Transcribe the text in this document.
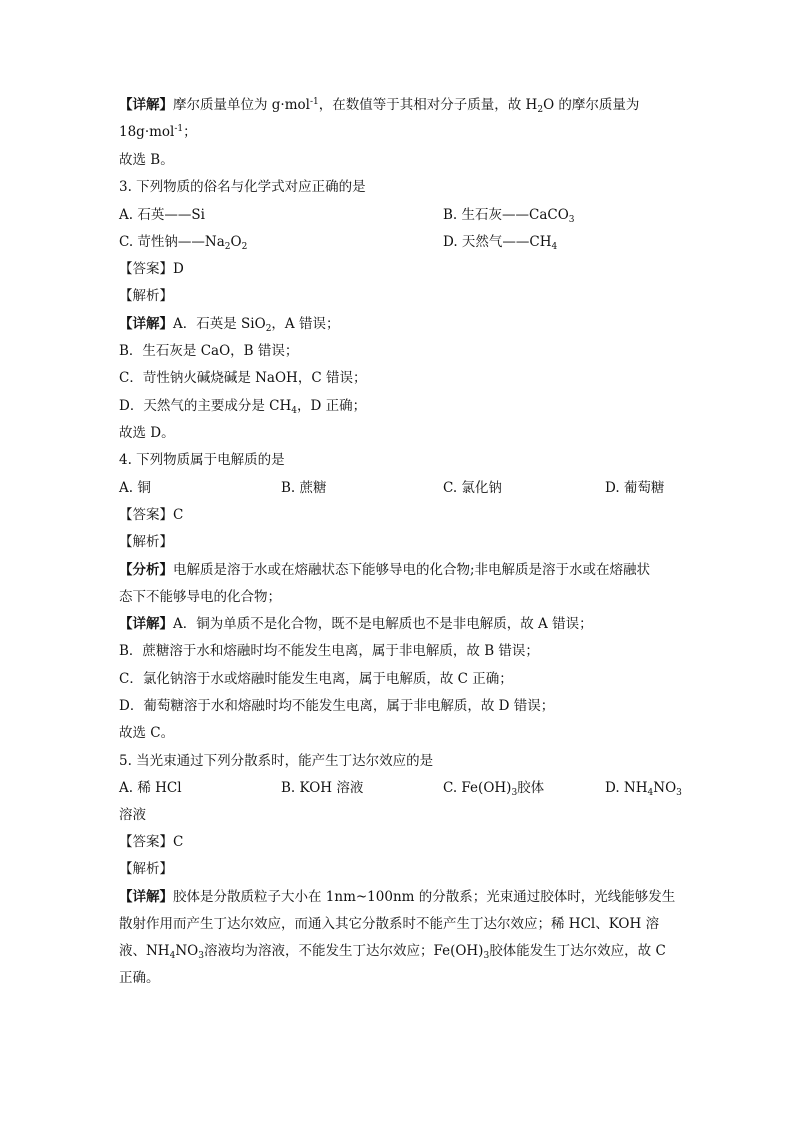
【详解】摩尔质量单位为 g·mol$^{-1}$，在数值等于其相对分子质量，故 $H_2O$ 的摩尔质量为
18g·mol$^{-1}$；
故选 B。
3. 下列物质的俗名与化学式对应正确的是
A. 石英——Si	B. 生石灰——CaCO$_3$
C. 苛性钠$——Na_2O_2$	D. 天然气$——CH_4$
【答案】D
【解析】
【详解】A．石英是 SiO$_2$，A 错误；
B．生石灰是 CaO，B 错误；
C．苛性钠火碱烧碱是 NaOH，C 错误；
D．天然气的主要成分是 $CH_4$，D 正确；
故选 D。
4. 下列物质属于电解质的是
A. 铜	B. 蔗糖	C. 氯化钠	D. 葡萄糖
【答案】C
【解析】
【分析】电解质是溶于水或在熔融状态下能够导电的化合物;非电解质是溶于水或在熔融状
态下不能够导电的化合物；
【详解】A．铜为单质不是化合物，既不是电解质也不是非电解质，故 A 错误；
B．蔗糖溶于水和熔融时均不能发生电离，属于非电解质，故 B 错误；
C．氯化钠溶于水或熔融时能发生电离，属于电解质，故 C 正确；
D．葡萄糖溶于水和熔融时均不能发生电离，属于非电解质，故 D 错误；
故选 C。
5. 当光束通过下列分散系时，能产生丁达尔效应的是
A. 稀 HCl	B. KOH 溶液	C. $Fe(OH)_3$胶体	D. $NH_4NO_3$
溶液
【答案】C
【解析】
【详解】胶体是分散质粒子大小在 1nm~100nm 的分散系；光束通过胶体时，光线能够发生
散射作用而产生丁达尔效应，而通入其它分散系时不能产生丁达尔效应；稀 HCl、KOH 溶
液、$NH_4NO_3$溶液均为溶液，不能发生丁达尔效应；$Fe(OH)_3$胶体能发生丁达尔效应，故 C
正确。
